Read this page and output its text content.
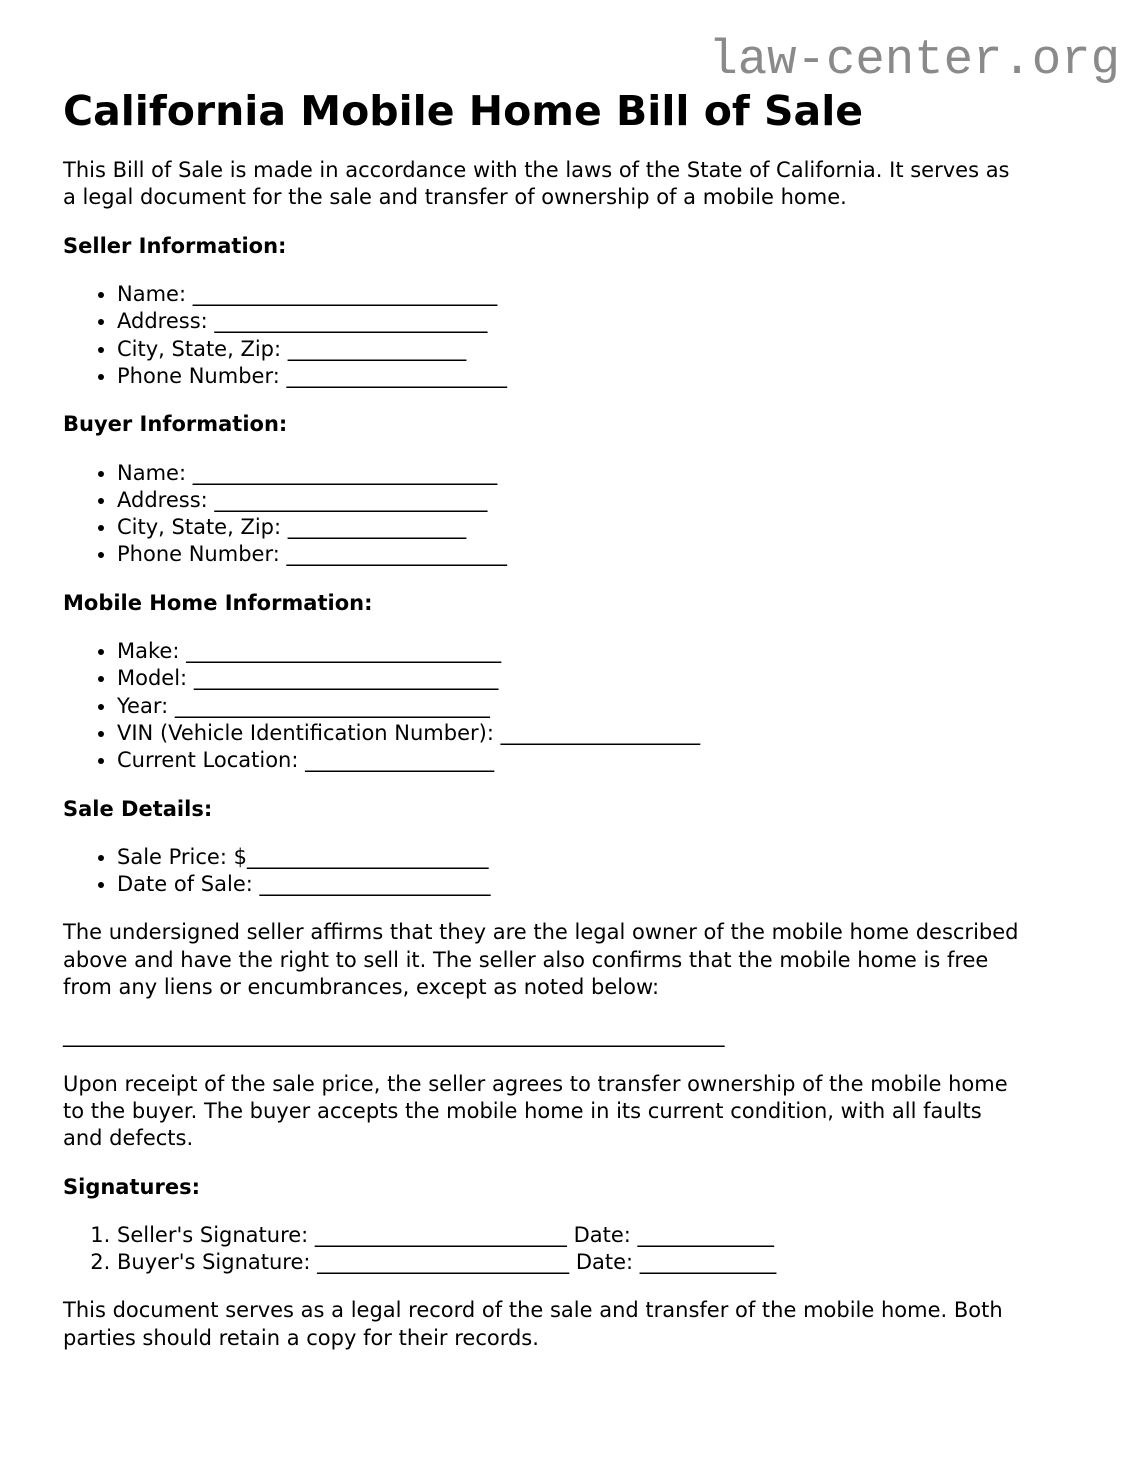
law-center.org
California Mobile Home Bill of Sale
This Bill of Sale is made in accordance with the laws of the State of California. It serves as
a legal document for the sale and transfer of ownership of a mobile home.
Seller Information:
• Name: _____________________________
• Address: __________________________
• City, State, Zip: _________________
• Phone Number: _____________________
Buyer Information:
• Name: _____________________________
• Address: __________________________
• City, State, Zip: _________________
• Phone Number: _____________________
Mobile Home Information:
• Make: ______________________________
• Model: _____________________________
• Year: ______________________________
• VIN (Vehicle Identification Number): ___________________
• Current Location: __________________
Sale Details:
• Sale Price: $_______________________
• Date of Sale: ______________________
The undersigned seller affirms that they are the legal owner of the mobile home described
above and have the right to sell it. The seller also confirms that the mobile home is free
from any liens or encumbrances, except as noted below:
_______________________________________________________________
Upon receipt of the sale price, the seller agrees to transfer ownership of the mobile home
to the buyer. The buyer accepts the mobile home in its current condition, with all faults
and defects.
Signatures:
1. Seller's Signature: ________________________ Date: _____________
2. Buyer's Signature: ________________________ Date: _____________
This document serves as a legal record of the sale and transfer of the mobile home. Both
parties should retain a copy for their records.
